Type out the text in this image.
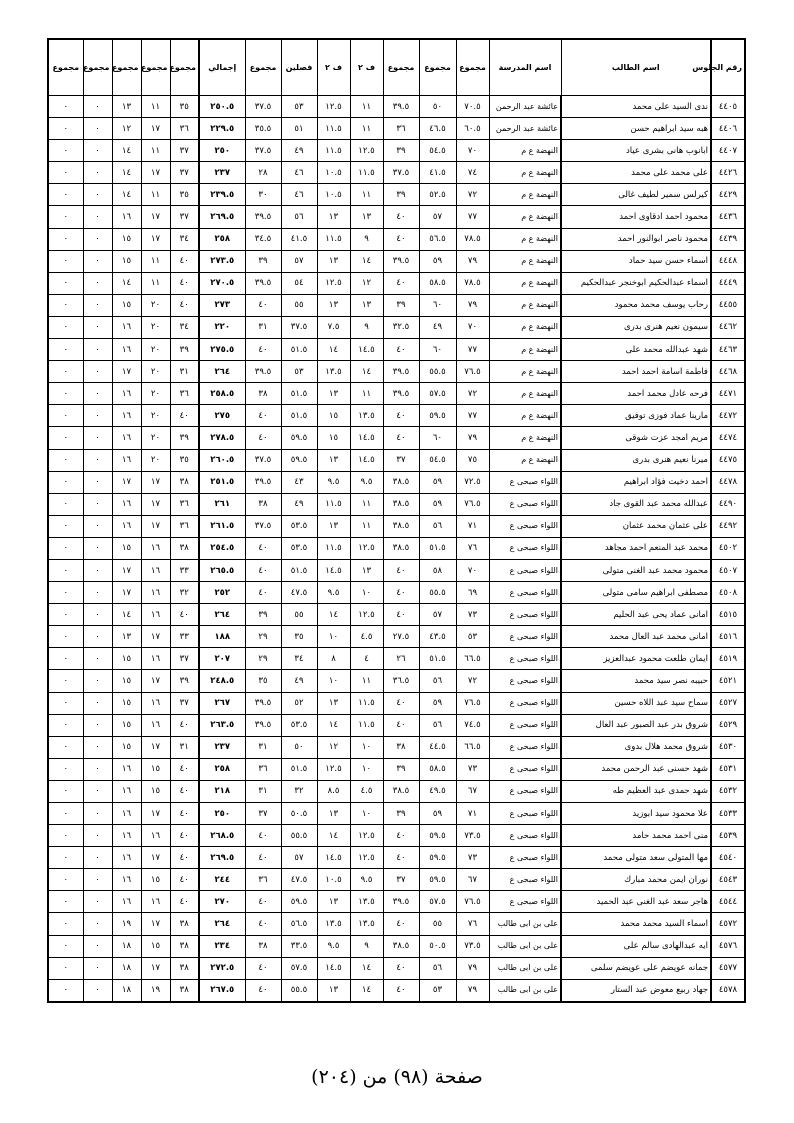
رقم الجلوس	اسم الطالب	اسم المدرسة	مجموع	مجموع	مجموع	ف ٢	ف ٢	فصلين	مجموع	إجمالي	مجموع	مجموع	مجموع	مجموع	مجموع
٤٤٠٥	ندى السيد على محمد	عائشة عبد الرحمن	٧٠.٥	٥٠	٣٩.٥	١١	١٢.٥	٥٣	٣٧.٥	٢٥٠.٥	٣٥	١١	١٣	٠	٠
٤٤٠٦	هبه سيد ابراهيم حسن	عائشة عبد الرحمن	٦٠.٥	٤٦.٥	٣٦	١١	١١.٥	٥١	٣٥.٥	٢٢٩.٥	٣٦	١٧	١٢	٠	٠
٤٤٠٧	ابانوب هانى بشرى عياد	النهضة ع م	٧٠	٥٤.٥	٣٩	١٢.٥	١١.٥	٤٩	٣٧.٥	٢٥٠	٣٧	١١	١٤	٠	٠
٤٤٢٦	على محمد على محمد	النهضة ع م	٧٤	٤١.٥	٣٧.٥	١١.٥	١٠.٥	٤٦	٢٨	٢٣٧	٣٧	١٧	١٤	٠	٠
٤٤٢٩	كيرلس سمير لطيف غالى	النهضة ع م	٧٢	٥٢.٥	٣٩	١١	١٠.٥	٤٦	٣٠	٢٣٩.٥	٣٥	١١	١٤	٠	٠
٤٤٣٦	محمود احمد ادقاوى احمد	النهضة ع م	٧٧	٥٧	٤٠	١٣	١٣	٥٦	٣٩.٥	٢٦٩.٥	٣٧	١٧	١٦	٠	٠
٤٤٣٩	محمود ناصر ابوالنور احمد	النهضة ع م	٧٨.٥	٥٦.٥	٤٠	٩	١١.٥	٤١.٥	٣٤.٥	٢٥٨	٣٤	١٧	١٥	٠	٠
٤٤٤٨	اسماء حسن سيد حماد	النهضة ع م	٧٩	٥٩	٣٩.٥	١٤	١٣	٥٧	٣٩	٢٧٣.٥	٤٠	١١	١٥	٠	٠
٤٤٤٩	اسماء عبدالحكيم ابوخنجر عبدالحكيم	النهضة ع م	٧٨.٥	٥٨.٥	٤٠	١٢	١٢.٥	٥٤	٣٩.٥	٢٧٠.٥	٤٠	١١	١٤	٠	٠
٤٤٥٥	رحاب يوسف محمد محمود	النهضة ع م	٧٩	٦٠	٣٩	١٣	١٣	٥٥	٤٠	٢٧٣	٤٠	٢٠	١٥	٠	٠
٤٤٦٢	سيمون نعيم هنرى بدرى	النهضة ع م	٧٠	٤٩	٣٢.٥	٩	٧.٥	٣٧.٥	٣١	٢٢٠	٣٤	٢٠	١٦	٠	٠
٤٤٦٣	شهد عبدالله محمد على	النهضة ع م	٧٧	٦٠	٤٠	١٤.٥	١٤	٥١.٥	٤٠	٢٧٥.٥	٣٩	٢٠	١٦	٠	٠
٤٤٦٨	فاطمة اسامة احمد احمد	النهضة ع م	٧٦.٥	٥٥.٥	٣٩.٥	١٤	١٣.٥	٥٣	٣٩.٥	٢٦٤	٣١	٢٠	١٧	٠	٠
٤٤٧١	فرحه عادل محمد احمد	النهضة ع م	٧٢	٥٧.٥	٣٩.٥	١١	١٣	٥١.٥	٣٨	٢٥٨.٥	٣٦	٢٠	١٦	٠	٠
٤٤٧٢	مارينا عماد فوزى توفيق	النهضة ع م	٧٧	٥٩.٥	٤٠	١٣.٥	١٥	٥١.٥	٤٠	٢٧٥	٤٠	٢٠	١٦	٠	٠
٤٤٧٤	مريم امجد عزت شوقى	النهضة ع م	٧٩	٦٠	٤٠	١٤.٥	١٥	٥٩.٥	٤٠	٢٧٨.٥	٣٩	٢٠	١٦	٠	٠
٤٤٧٥	ميرنا نعيم هنرى بدرى	النهضة ع م	٧٥	٥٤.٥	٣٧	١٤.٥	١٣	٥٩.٥	٣٧.٥	٢٦٠.٥	٣٥	٢٠	١٦	٠	٠
٤٤٧٨	احمد دخيت فؤاد ابراهيم	اللواء صبحى ع	٧٢.٥	٥٩	٣٨.٥	٩.٥	٩.٥	٤٣	٣٩.٥	٢٥١.٥	٣٨	١٧	١٧	٠	٠
٤٤٩٠	عبدالله محمد عبد القوى جاد	اللواء صبحى ع	٧٦.٥	٥٩	٣٨.٥	١١	١١.٥	٤٩	٣٨	٢٦١	٣٦	١٧	١٦	٠	٠
٤٤٩٢	على عثمان محمد عثمان	اللواء صبحى ع	٧١	٥٦	٣٨.٥	١١	١٣	٥٣.٥	٣٧.٥	٢٦١.٥	٣٦	١٧	١٦	٠	٠
٤٥٠٢	محمد عبد المنعم احمد مجاهد	اللواء صبحى ع	٧٦	٥١.٥	٣٨.٥	١٢.٥	١١.٥	٥٣.٥	٤٠	٢٥٤.٥	٣٨	١٦	١٥	٠	٠
٤٥٠٧	محمود محمد عبد الغنى متولى	اللواء صبحى ع	٧٠	٥٨	٤٠	١٣	١٤.٥	٥١.٥	٤٠	٢٦٥.٥	٣٣	١٦	١٧	٠	٠
٤٥٠٨	مصطفى ابراهيم سامى متولى	اللواء صبحى ع	٦٩	٥٥.٥	٤٠	١٠	٩.٥	٤٧.٥	٤٠	٢٥٢	٣٢	١٦	١٧	٠	٠
٤٥١٥	امانى عماد يحى عبد الحليم	اللواء صبحى ع	٧٣	٥٧	٤٠	١٢.٥	١٤	٥٥	٣٩	٢٦٤	٤٠	١٦	١٤	٠	٠
٤٥١٦	امانى محمد عبد العال محمد	اللواء صبحى ع	٥٣	٤٣.٥	٢٧.٥	٤.٥	١٠	٣٥	٢٩	١٨٨	٣٣	١٧	١٣	٠	٠
٤٥١٩	ايمان طلعت محمود عبدالعزيز	اللواء صبحى ع	٦٦.٥	٥١.٥	٢٦	٤	٨	٣٤	٢٩	٢٠٧	٣٧	١٦	١٥	٠	٠
٤٥٢١	حبيبه نصر سيد محمد	اللواء صبحى ع	٧٢	٥٦	٣٦.٥	١١	١٠	٤٩	٣٥	٢٤٨.٥	٣٩	١٧	١٥	٠	٠
٤٥٢٧	سماح سيد عبد اللاه حسين	اللواء صبحى ع	٧٦.٥	٥٩	٤٠	١١.٥	١٣	٥٢	٣٩.٥	٢٦٧	٣٧	١٦	١٥	٠	٠
٤٥٢٩	شروق بدر عبد الصبور عبد العال	اللواء صبحى ع	٧٤.٥	٥٦	٤٠	١١.٥	١٤	٥٣.٥	٣٩.٥	٢٦٣.٥	٤٠	١٦	١٥	٠	٠
٤٥٣٠	شروق محمد هلال بدوى	اللواء صبحى ع	٦٦.٥	٤٤.٥	٣٨	١٠	١٢	٥٠	٣١	٢٣٧	٣١	١٧	١٥	٠	٠
٤٥٣١	شهد حسنى عبد الرحمن محمد	اللواء صبحى ع	٧٣	٥٨.٥	٣٩	١٠	١٢.٥	٥١.٥	٣٦	٢٥٨	٤٠	١٥	١٦	٠	٠
٤٥٣٢	شهد حمدى عبد العظيم طه	اللواء صبحى ع	٦٧	٤٩.٥	٣٨.٥	٤.٥	٨.٥	٣٢	٣١	٢١٨	٤٠	١٥	١٦	٠	٠
٤٥٣٣	علا محمود سيد ابوزيد	اللواء صبحى ع	٧١	٥٩	٣٩	١٠	١٣	٥٠.٥	٣٧	٢٥٠	٤٠	١٧	١٦	٠	٠
٤٥٣٩	منى احمد محمد حامد	اللواء صبحى ع	٧٣.٥	٥٩.٥	٤٠	١٢.٥	١٤	٥٥.٥	٤٠	٢٦٨.٥	٤٠	١٦	١٦	٠	٠
٤٥٤٠	مها المتولى سعد متولى محمد	اللواء صبحى ع	٧٣	٥٩.٥	٤٠	١٢.٥	١٤.٥	٥٧	٤٠	٢٦٩.٥	٤٠	١٧	١٦	٠	٠
٤٥٤٣	نوران ايمن محمد مبارك	اللواء صبحى ع	٦٧	٥٩.٥	٣٧	٩.٥	١٠.٥	٤٧.٥	٣٦	٢٤٤	٤٠	١٥	١٦	٠	٠
٤٥٤٤	هاجر سعد عبد الغنى عبد الحميد	اللواء صبحى ع	٧٦.٥	٥٧.٥	٣٩.٥	١٣.٥	١٣	٥٩.٥	٤٠	٢٧٠	٤٠	١٦	١٦	٠	٠
٤٥٧٢	اسماء السيد محمد محمد	على بن ابى طالب	٧٦	٥٥	٤٠	١٣.٥	١٣.٥	٥٦.٥	٤٠	٢٦٤	٣٨	١٧	١٩	٠	٠
٤٥٧٦	ايه عبدالهادى سالم على	على بن ابى طالب	٧٣.٥	٥٠.٥	٣٨.٥	٩	٩.٥	٣٣.٥	٣٨	٢٣٤	٣٨	١٥	١٨	٠	٠
٤٥٧٧	جمانه عويضم على عويضم سلمى	على بن ابى طالب	٧٩	٥٦	٤٠	١٤	١٤.٥	٥٧.٥	٤٠	٢٧٢.٥	٣٨	١٧	١٨	٠	٠
٤٥٧٨	جهاد ربيع معوض عبد الستار	على بن ابى طالب	٧٩	٥٣	٤٠	١٤	١٣	٥٥.٥	٤٠	٢٦٧.٥	٣٨	١٩	١٨	٠	٠
صفحة (٩٨) من (٢٠٤)
